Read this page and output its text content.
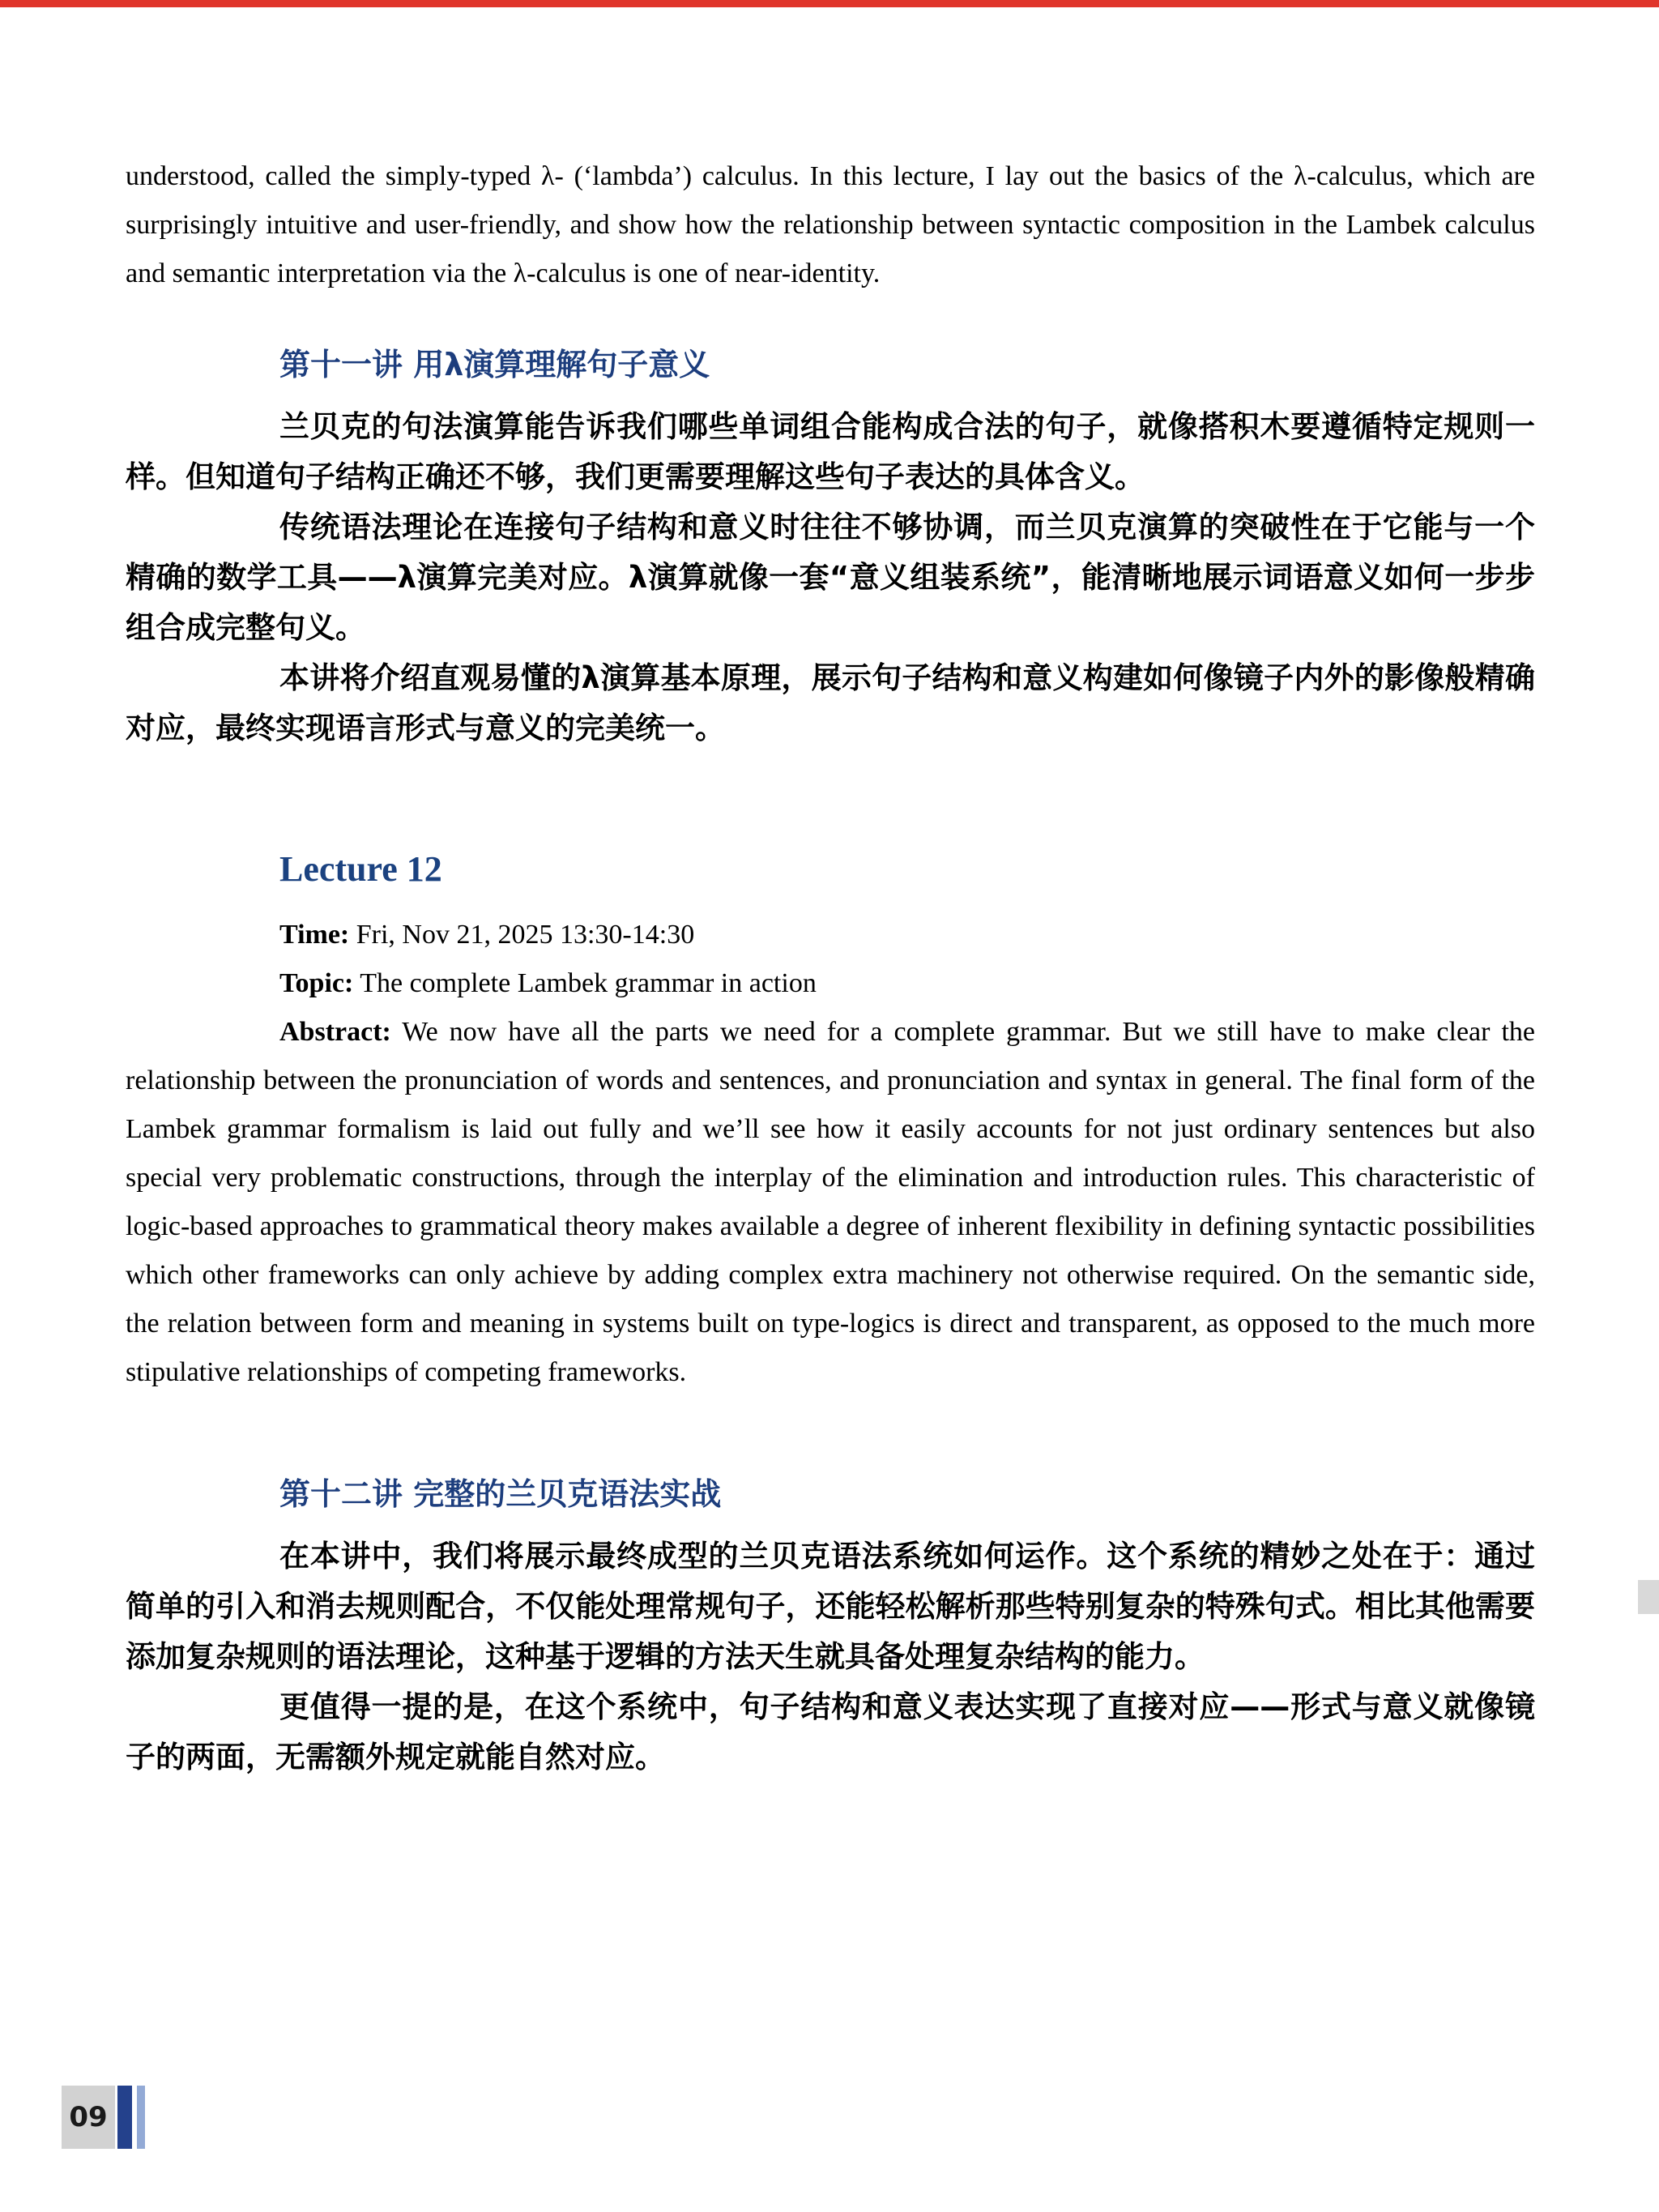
understood, called the simply-typed λ- (‘lambda’) calculus. In this lecture, I lay out the basics of the λ-calculus, which are surprisingly intuitive and user-friendly, and show how the relationship between syntactic composition in the Lambek calculus and semantic interpretation via the λ-calculus is one of near-identity.

第十一讲 用λ演算理解句子意义

兰贝克的句法演算能告诉我们哪些单词组合能构成合法的句子，就像搭积木要遵循特定规则一样。但知道句子结构正确还不够，我们更需要理解这些句子表达的具体含义。

传统语法理论在连接句子结构和意义时往往不够协调，而兰贝克演算的突破性在于它能与一个精确的数学工具——λ演算完美对应。λ演算就像一套“意义组装系统”，能清晰地展示词语意义如何一步步组合成完整句义。

本讲将介绍直观易懂的λ演算基本原理，展示句子结构和意义构建如何像镜子内外的影像般精确对应，最终实现语言形式与意义的完美统一。

Lecture 12

Time: Fri, Nov 21, 2025 13:30-14:30

Topic: The complete Lambek grammar in action

Abstract: We now have all the parts we need for a complete grammar. But we still have to make clear the relationship between the pronunciation of words and sentences, and pronunciation and syntax in general. The final form of the Lambek grammar formalism is laid out fully and we’ll see how it easily accounts for not just ordinary sentences but also special very problematic constructions, through the interplay of the elimination and introduction rules. This characteristic of logic-based approaches to grammatical theory makes available a degree of inherent flexibility in defining syntactic possibilities which other frameworks can only achieve by adding complex extra machinery not otherwise required. On the semantic side, the relation between form and meaning in systems built on type-logics is direct and transparent, as opposed to the much more stipulative relationships of competing frameworks.

第十二讲 完整的兰贝克语法实战

在本讲中，我们将展示最终成型的兰贝克语法系统如何运作。这个系统的精妙之处在于：通过简单的引入和消去规则配合，不仅能处理常规句子，还能轻松解析那些特别复杂的特殊句式。相比其他需要添加复杂规则的语法理论，这种基于逻辑的方法天生就具备处理复杂结构的能力。

更值得一提的是，在这个系统中，句子结构和意义表达实现了直接对应——形式与意义就像镜子的两面，无需额外规定就能自然对应。

09
